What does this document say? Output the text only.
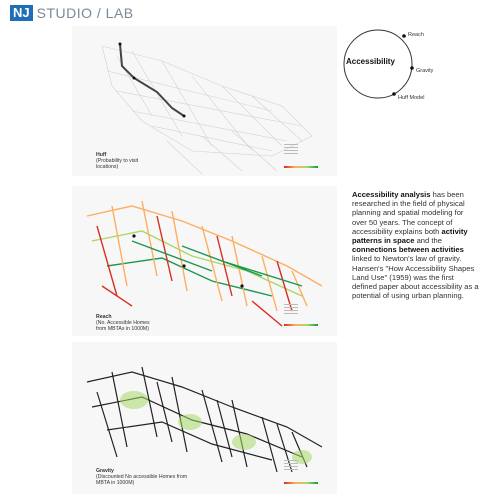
NJ STUDIO / LAB
Huff
(Probability to visit
locations)
Reach
(No. Accessible Homes
from MBTAs in 1000M)
Gravity
(Discounted No accessible Homes from
MBTA in 1000M)
Accessibility
Reach
Gravity
Huff Model
Accessibility analysis has been researched in the field of physical planning and spatial modeling for over 50 years. The concept of accessibility explains both activity patterns in space and the connections between activities linked to Newton's law of gravity. Hansen's "How Accessibility Shapes Land Use" (1959) was the first defined paper about accessibility as a potential of using urban planning.
